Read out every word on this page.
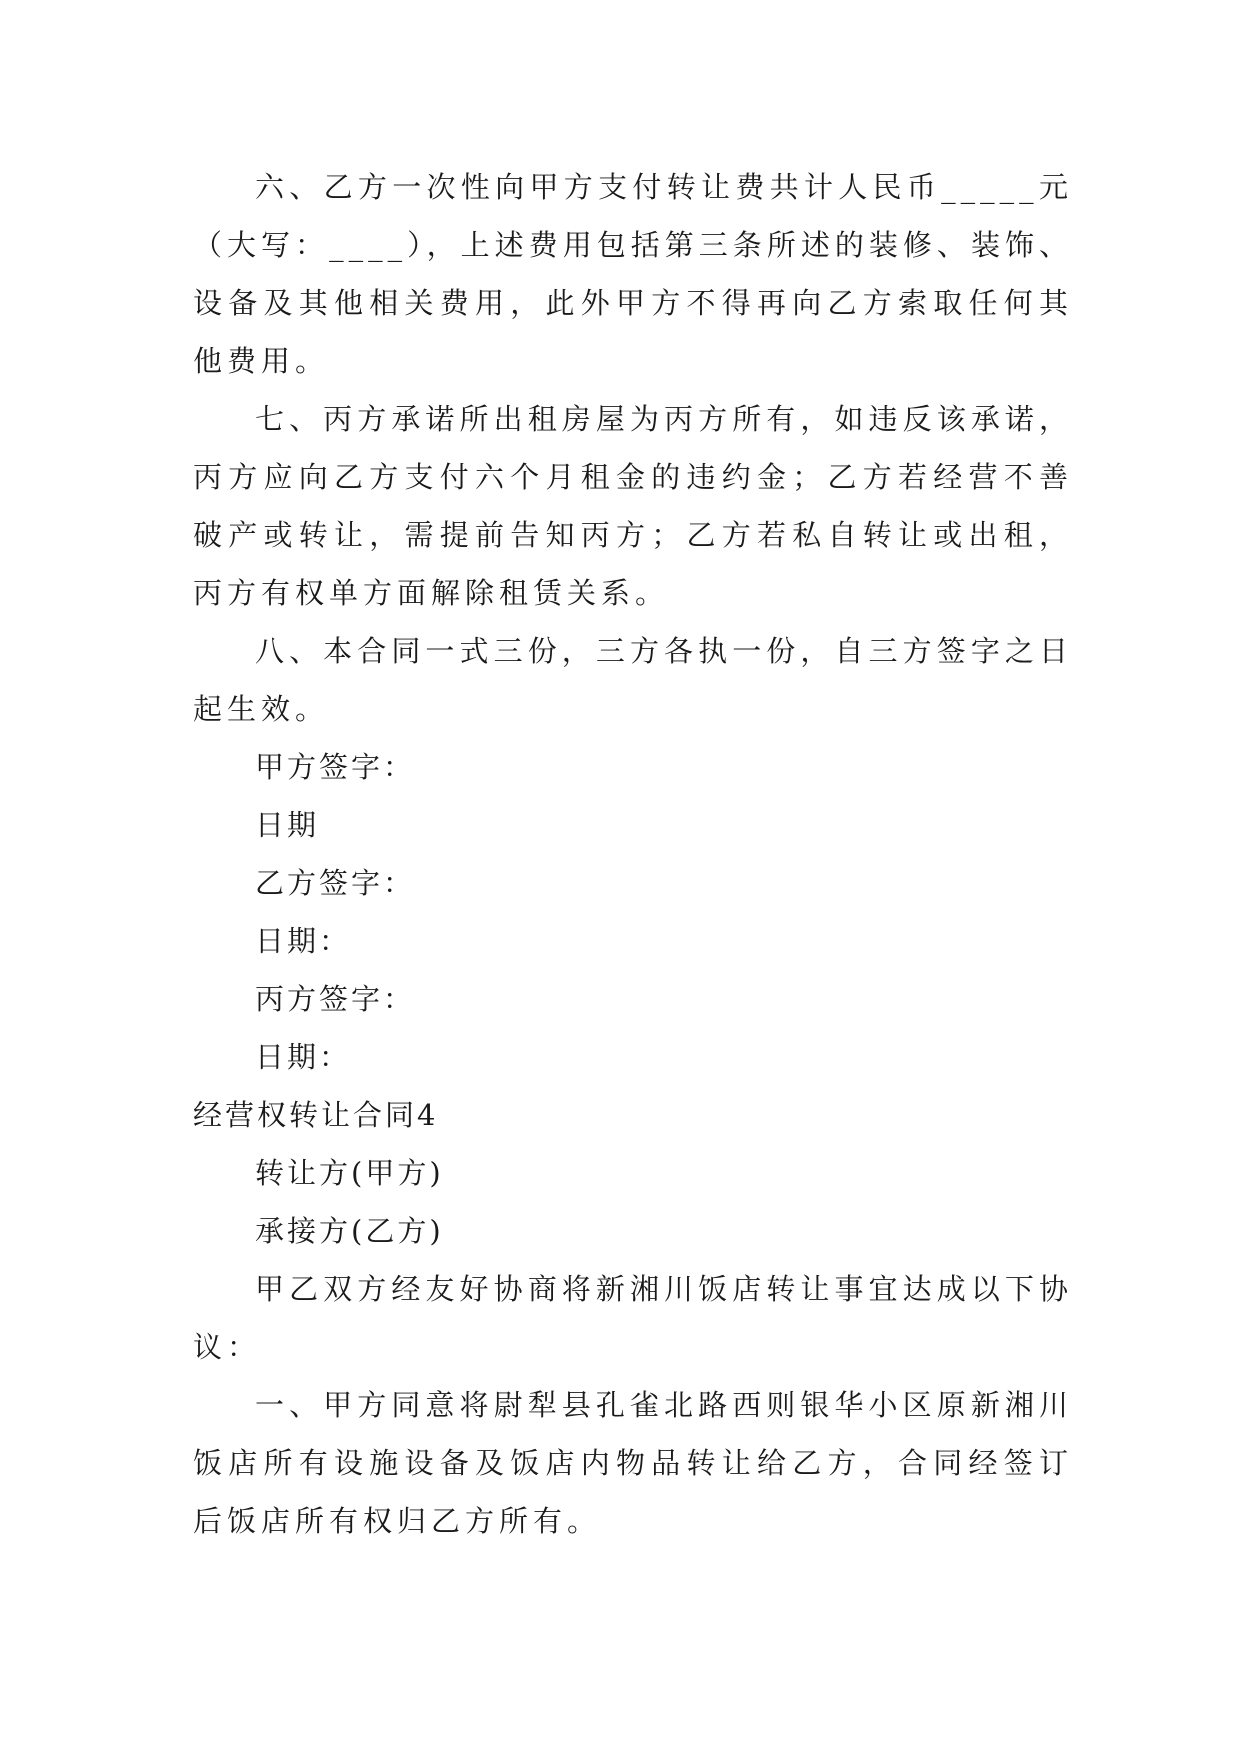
六、乙方一次性向甲方支付转让费共计人民币_____元（大写：____），上述费用包括第三条所述的装修、装饰、设备及其他相关费用，此外甲方不得再向乙方索取任何其他费用。

七、丙方承诺所出租房屋为丙方所有，如违反该承诺，丙方应向乙方支付六个月租金的违约金；乙方若经营不善破产或转让，需提前告知丙方；乙方若私自转让或出租，丙方有权单方面解除租赁关系。

八、本合同一式三份，三方各执一份，自三方签字之日起生效。

甲方签字：

日期

乙方签字：

日期：

丙方签字：

日期：

经营权转让合同4

转让方(甲方)

承接方(乙方)

甲乙双方经友好协商将新湘川饭店转让事宜达成以下协议：

一、甲方同意将尉犁县孔雀北路西则银华小区原新湘川饭店所有设施设备及饭店内物品转让给乙方，合同经签订后饭店所有权归乙方所有。
